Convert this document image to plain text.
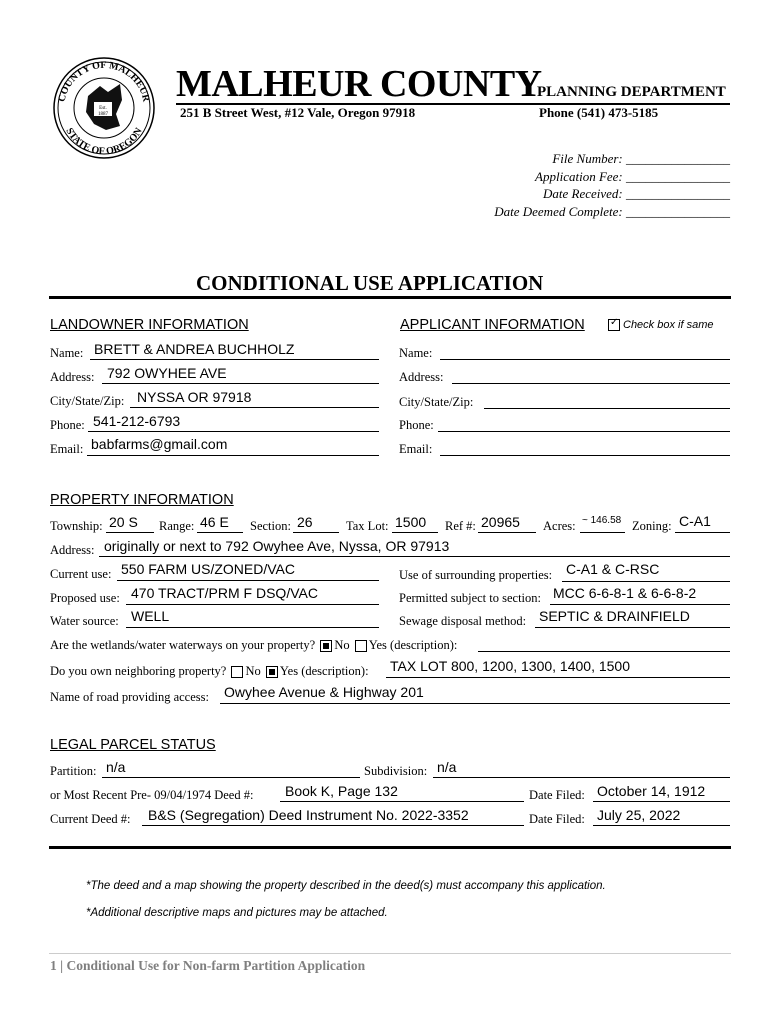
COUNTY OF MALHEUR
STATE OF OREGON
Est.
1887
MALHEUR COUNTY
PLANNING DEPARTMENT
251 B Street West, #12 Vale, Oregon 97918	Phone (541) 473-5185
File Number: ________________
Application Fee: ________________
Date Received: ________________
Date Deemed Complete: ________________
CONDITIONAL USE APPLICATION
LANDOWNER INFORMATION
Name: BRETT & ANDREA BUCHHOLZ
Address: 792 OWYHEE AVE
City/State/Zip: NYSSA OR 97918
Phone: 541-212-6793
Email: babfarms@gmail.com
APPLICANT INFORMATION	✓ Check box if same
Name:
Address:
City/State/Zip:
Phone:
Email:
PROPERTY INFORMATION
Township: 20 S Range: 46 E Section: 26	Tax Lot: 1500 Ref #: 20965 Acres: ~ 146.58 Zoning: C-A1
Address: originally or next to 792 Owyhee Ave, Nyssa, OR 97913
Current use: 550 FARM US/ZONED/VAC	Use of surrounding properties: C-A1 & C-RSC
Proposed use: 470 TRACT/PRM F DSQ/VAC	Permitted subject to section: MCC 6-6-8-1 & 6-6-8-2
Water source: WELL	Sewage disposal method: SEPTIC & DRAINFIELD
Are the wetlands/water waterways on your property? No Yes (description):
Do you own neighboring property? No Yes (description): TAX LOT 800, 1200, 1300, 1400, 1500
Name of road providing access: Owyhee Avenue & Highway 201
LEGAL PARCEL STATUS
Partition: n/a	Subdivision: n/a
or Most Recent Pre- 09/04/1974 Deed #: Book K, Page 132	Date Filed: October 14, 1912
Current Deed #: B&S (Segregation) Deed Instrument No. 2022-3352	Date Filed: July 25, 2022
*The deed and a map showing the property described in the deed(s) must accompany this application.
*Additional descriptive maps and pictures may be attached.
1 | Conditional Use for Non-farm Partition Application
